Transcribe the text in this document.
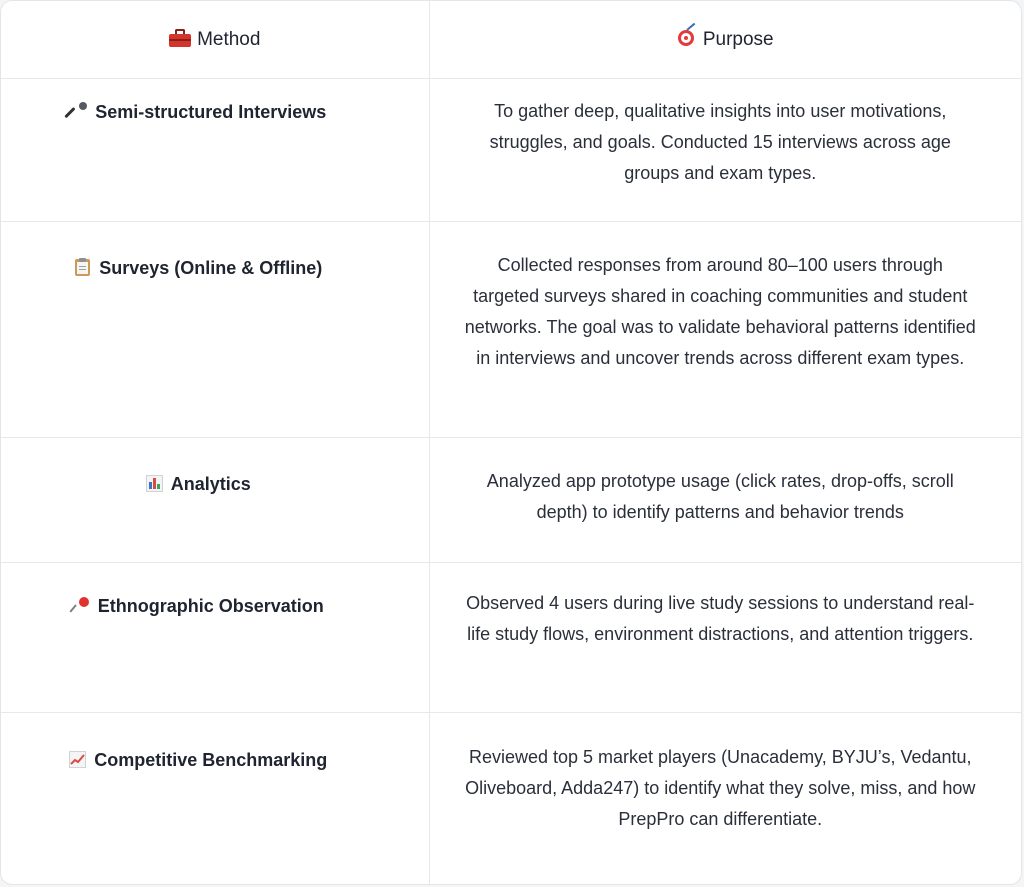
Method	Purpose

Semi-structured Interviews	To gather deep, qualitative insights into user motivations, struggles, and goals. Conducted 15 interviews across age groups and exam types.

Surveys (Online & Offline)	Collected responses from around 80–100 users through targeted surveys shared in coaching communities and student networks. The goal was to validate behavioral patterns identified in interviews and uncover trends across different exam types.

Analytics	Analyzed app prototype usage (click rates, drop-offs, scroll depth) to identify patterns and behavior trends

Ethnographic Observation	Observed 4 users during live study sessions to understand real-life study flows, environment distractions, and attention triggers.

Competitive Benchmarking	Reviewed top 5 market players (Unacademy, BYJU’s, Vedantu, Oliveboard, Adda247) to identify what they solve, miss, and how PrepPro can differentiate.
